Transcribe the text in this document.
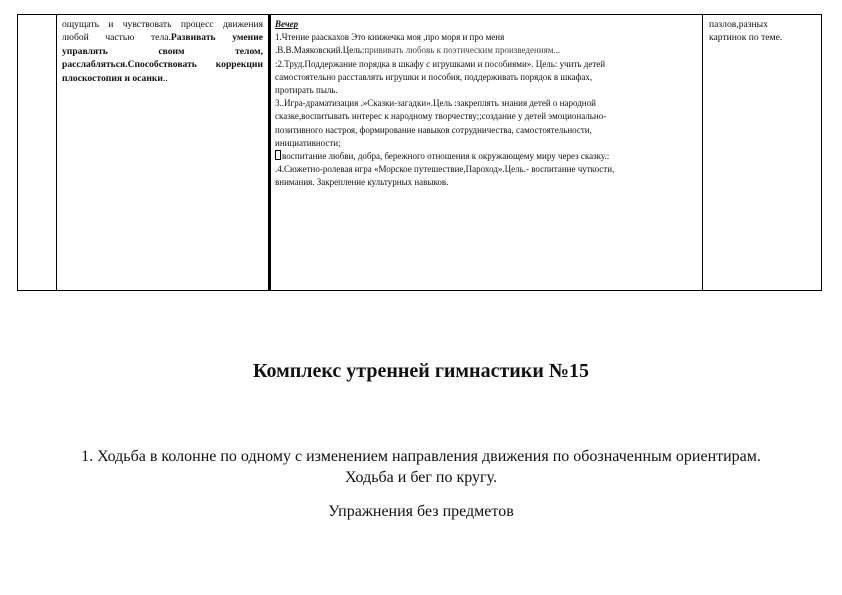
ощущать и чувствовать процесс движения любой частью тела.Развивать умение управлять своим телом, расслабляться.Способствовать коррекции плоскостопия и осанки..
Вечер
1.Чтение рааскахов Это книжечка моя ,про моря и про меня
.В.В.Маяковский.Цель:прививать любовь к поэтическим произведениям...
:2.Труд.Поддержание порядка в шкафу с игрушками и пособиями». Цель: учить детей
самостоятельно расставлять игрушки и пособия, поддерживать порядок в шкафах,
протирать пыль.
3..Игра-драматизация .»Сказки-загадки».Цель :закреплять знания детей о народной
сказке,воспитывать интерес к народному творчеству;;создание у детей эмоционально-
позитивного настроя, формирование навыков сотрудничества, самостоятельности,
инициативности;
воспитание любви, добра, бережного отношения к окружающему миру через сказку.:
.4.Сюжетно-ролевая игра «Морское путешествие,Пароход».Цель.- воспитание чуткости,
внимания. Закрепление культурных навыков.
пазлов,разных
картинок по теме.
Комплекс утренней гимнастики №15
1. Ходьба в колонне по одному с изменением направления движения по обозначенным ориентирам.
Ходьба и бег по кругу.
Упражнения без предметов
